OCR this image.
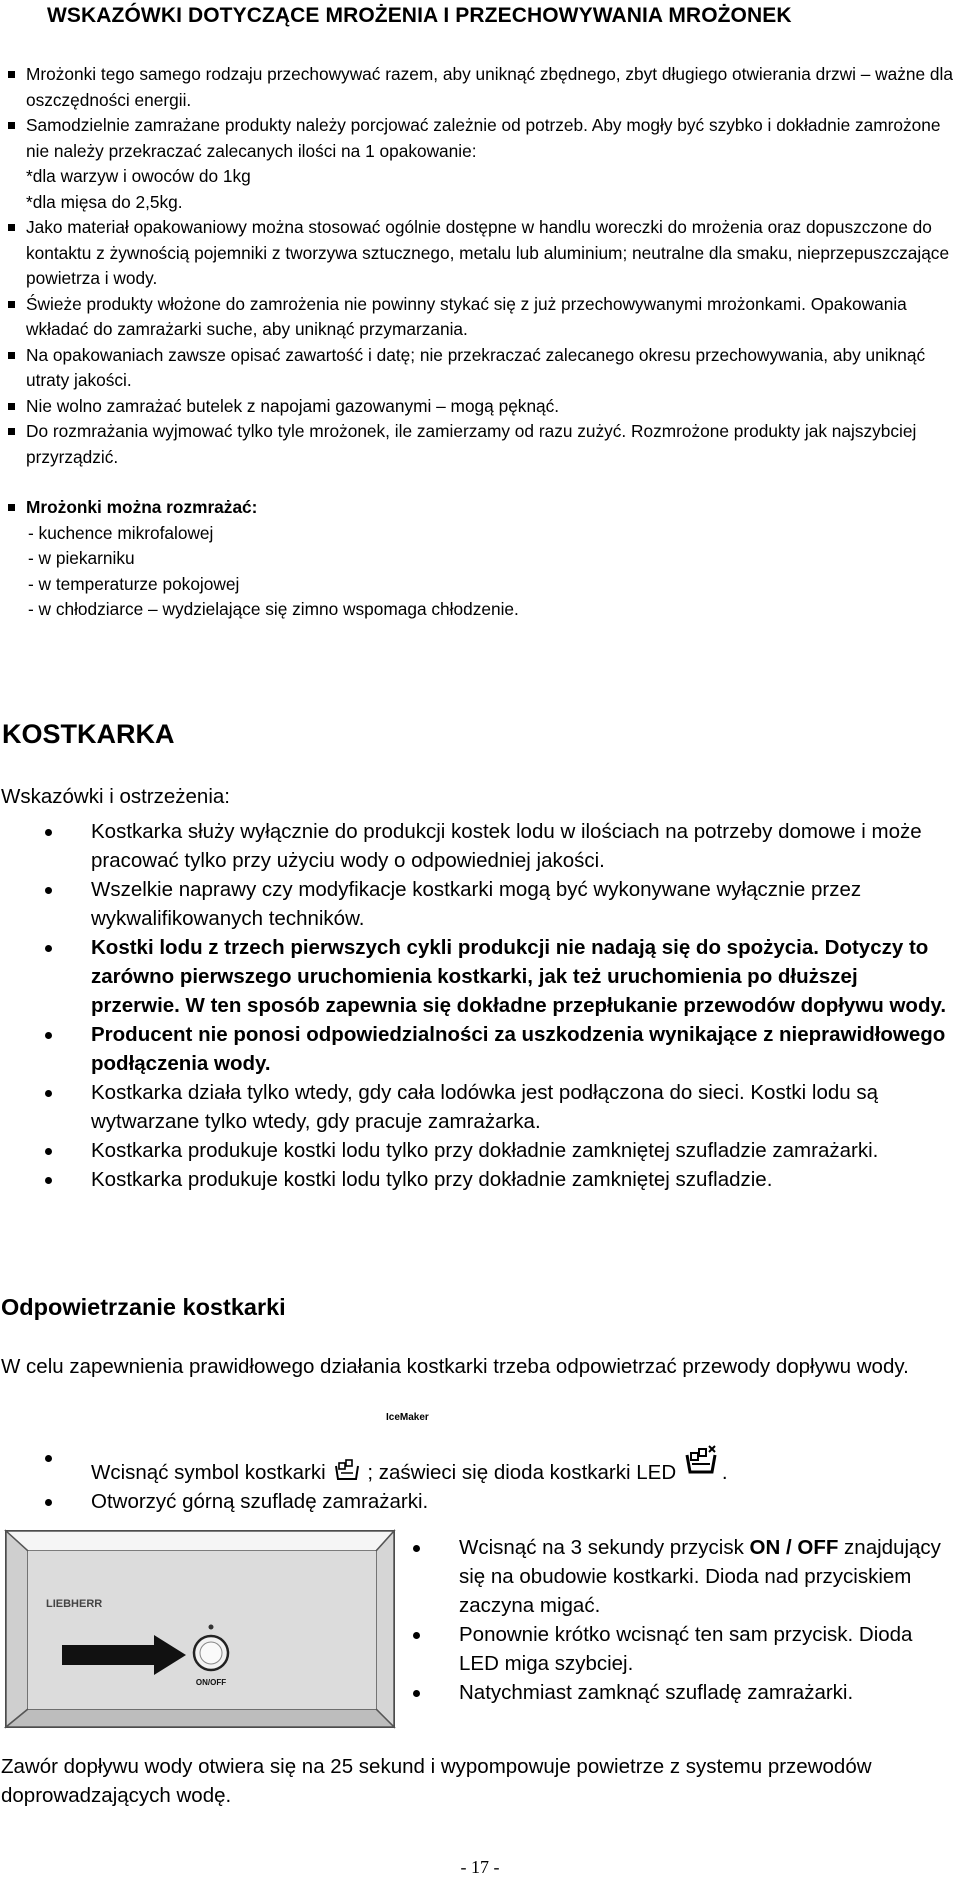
WSKAZÓWKI DOTYCZĄCE MROŻENIA I PRZECHOWYWANIA MROŻONEK
Mrożonki tego samego rodzaju przechowywać razem, aby uniknąć zbędnego, zbyt długiego otwierania drzwi – ważne dla oszczędności energii.
Samodzielnie zamrażane produkty należy porcjować zależnie od potrzeb. Aby mogły być szybko i dokładnie zamrożone nie należy przekraczać zalecanych ilości na 1 opakowanie:
*dla warzyw i owoców do 1kg
*dla mięsa do 2,5kg.
Jako materiał opakowaniowy można stosować ogólnie dostępne w handlu woreczki do mrożenia oraz dopuszczone do kontaktu z żywnością pojemniki z tworzywa sztucznego, metalu lub aluminium; neutralne dla smaku, nieprzepuszczające powietrza i wody.
Świeże produkty włożone do zamrożenia nie powinny stykać się z już przechowywanymi mrożonkami. Opakowania wkładać do zamrażarki suche, aby uniknąć przymarzania.
Na opakowaniach zawsze opisać zawartość i datę; nie przekraczać zalecanego okresu przechowywania, aby uniknąć utraty jakości.
Nie wolno zamrażać butelek z napojami gazowanymi – mogą pęknąć.
Do rozmrażania wyjmować tylko tyle mrożonek, ile zamierzamy od razu zużyć. Rozmrożone produkty jak najszybciej przyrządzić.
Mrożonki można rozmrażać:
- kuchence mikrofalowej
- w piekarniku
- w temperaturze pokojowej
- w chłodziarce – wydzielające się zimno wspomaga chłodzenie.
KOSTKARKA
Wskazówki i ostrzeżenia:
Kostkarka służy wyłącznie do produkcji kostek lodu w ilościach na potrzeby domowe i może pracować tylko przy użyciu wody o odpowiedniej jakości.
Wszelkie naprawy czy modyfikacje kostkarki mogą być wykonywane wyłącznie przez wykwalifikowanych techników.
Kostki lodu z trzech pierwszych cykli produkcji nie nadają się do spożycia. Dotyczy to zarówno pierwszego uruchomienia kostkarki, jak też uruchomienia po dłuższej przerwie. W ten sposób zapewnia się dokładne przepłukanie przewodów dopływu wody.
Producent nie ponosi odpowiedzialności za uszkodzenia wynikające z nieprawidłowego podłączenia wody.
Kostkarka działa tylko wtedy, gdy cała lodówka jest podłączona do sieci. Kostki lodu są wytwarzane tylko wtedy, gdy pracuje zamrażarka.
Kostkarka produkuje kostki lodu tylko przy dokładnie zamkniętej szufladzie zamrażarki.
Kostkarka produkuje kostki lodu tylko przy dokładnie zamkniętej szufladzie.
Odpowietrzanie kostkarki
W celu zapewnienia prawidłowego działania kostkarki trzeba odpowietrzać przewody dopływu wody.
IceMaker
Wcisnąć symbol kostkarki ; zaświeci się dioda kostkarki LED .
Otworzyć górną szufladę zamrażarki.
LIEBHERR
ON/OFF
Wcisnąć na 3 sekundy przycisk ON / OFF znajdujący się na obudowie kostkarki. Dioda nad przyciskiem zaczyna migać.
Ponownie krótko wcisnąć ten sam przycisk. Dioda LED miga szybciej.
Natychmiast zamknąć szufladę zamrażarki.
Zawór dopływu wody otwiera się na 25 sekund i wypompowuje powietrze z systemu przewodów doprowadzających wodę.
- 17 -
